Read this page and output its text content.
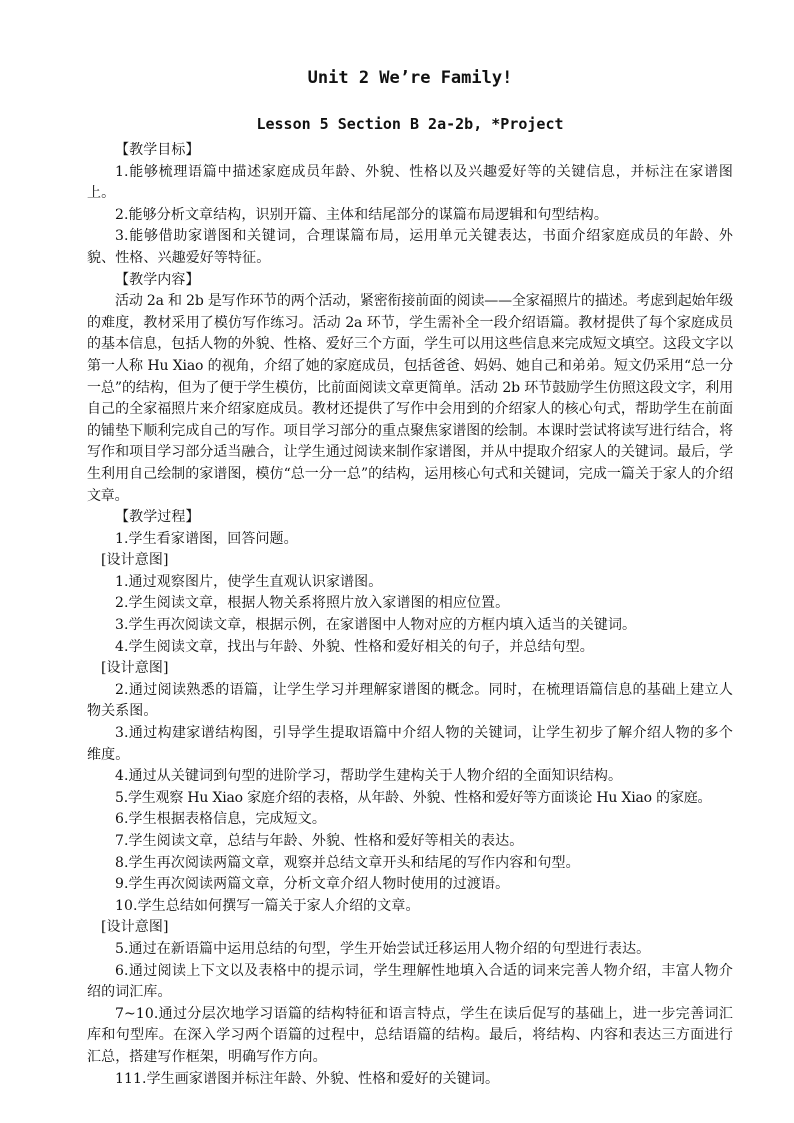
Unit 2 We’re Family!
Lesson 5 Section B 2a-2b, *Project

【教学目标】

1.能够梳理语篇中描述家庭成员年龄、外貌、性格以及兴趣爱好等的关键信息，并标注在家谱图上。

2.能够分析文章结构，识别开篇、主体和结尾部分的谋篇布局逻辑和句型结构。

3.能够借助家谱图和关键词，合理谋篇布局，运用单元关键表达，书面介绍家庭成员的年龄、外貌、性格、兴趣爱好等特征。

【教学内容】

活动 2a 和 2b 是写作环节的两个活动，紧密衔接前面的阅读——全家福照片的描述。考虑到起始年级的难度，教材采用了模仿写作练习。活动 2a 环节，学生需补全一段介绍语篇。教材提供了每个家庭成员的基本信息，包括人物的外貌、性格、爱好三个方面，学生可以用这些信息来完成短文填空。这段文字以第一人称 Hu Xiao 的视角，介绍了她的家庭成员，包括爸爸、妈妈、她自己和弟弟。短文仍采用“总一分一总”的结构，但为了便于学生模仿，比前面阅读文章更简单。活动 2b 环节鼓励学生仿照这段文字，利用自己的全家福照片来介绍家庭成员。教材还提供了写作中会用到的介绍家人的核心句式，帮助学生在前面的铺垫下顺利完成自己的写作。项目学习部分的重点聚焦家谱图的绘制。本课时尝试将读写进行结合，将写作和项目学习部分适当融合，让学生通过阅读来制作家谱图，并从中提取介绍家人的关键词。最后，学生利用自己绘制的家谱图，模仿“总一分一总”的结构，运用核心句式和关键词，完成一篇关于家人的介绍文章。

【教学过程】

1.学生看家谱图，回答问题。

[设计意图]

1.通过观察图片，使学生直观认识家谱图。

2.学生阅读文章，根据人物关系将照片放入家谱图的相应位置。

3.学生再次阅读文章，根据示例，在家谱图中人物对应的方框内填入适当的关键词。

4.学生阅读文章，找出与年龄、外貌、性格和爱好相关的句子，并总结句型。

[设计意图]

2.通过阅读熟悉的语篇，让学生学习并理解家谱图的概念。同时，在梳理语篇信息的基础上建立人物关系图。

3.通过构建家谱结构图，引导学生提取语篇中介绍人物的关键词，让学生初步了解介绍人物的多个维度。

4.通过从关键词到句型的进阶学习，帮助学生建构关于人物介绍的全面知识结构。

5.学生观察 Hu Xiao 家庭介绍的表格，从年龄、外貌、性格和爱好等方面谈论 Hu Xiao 的家庭。

6.学生根据表格信息，完成短文。

7.学生阅读文章，总结与年龄、外貌、性格和爱好等相关的表达。

8.学生再次阅读两篇文章，观察并总结文章开头和结尾的写作内容和句型。

9.学生再次阅读两篇文章，分析文章介绍人物时使用的过渡语。

10.学生总结如何撰写一篇关于家人介绍的文章。

[设计意图]

5.通过在新语篇中运用总结的句型，学生开始尝试迁移运用人物介绍的句型进行表达。

6.通过阅读上下文以及表格中的提示词，学生理解性地填入合适的词来完善人物介绍，丰富人物介绍的词汇库。

7~10.通过分层次地学习语篇的结构特征和语言特点，学生在读后促写的基础上，进一步完善词汇库和句型库。在深入学习两个语篇的过程中，总结语篇的结构。最后，将结构、内容和表达三方面进行汇总，搭建写作框架，明确写作方向。

111.学生画家谱图并标注年龄、外貌、性格和爱好的关键词。
